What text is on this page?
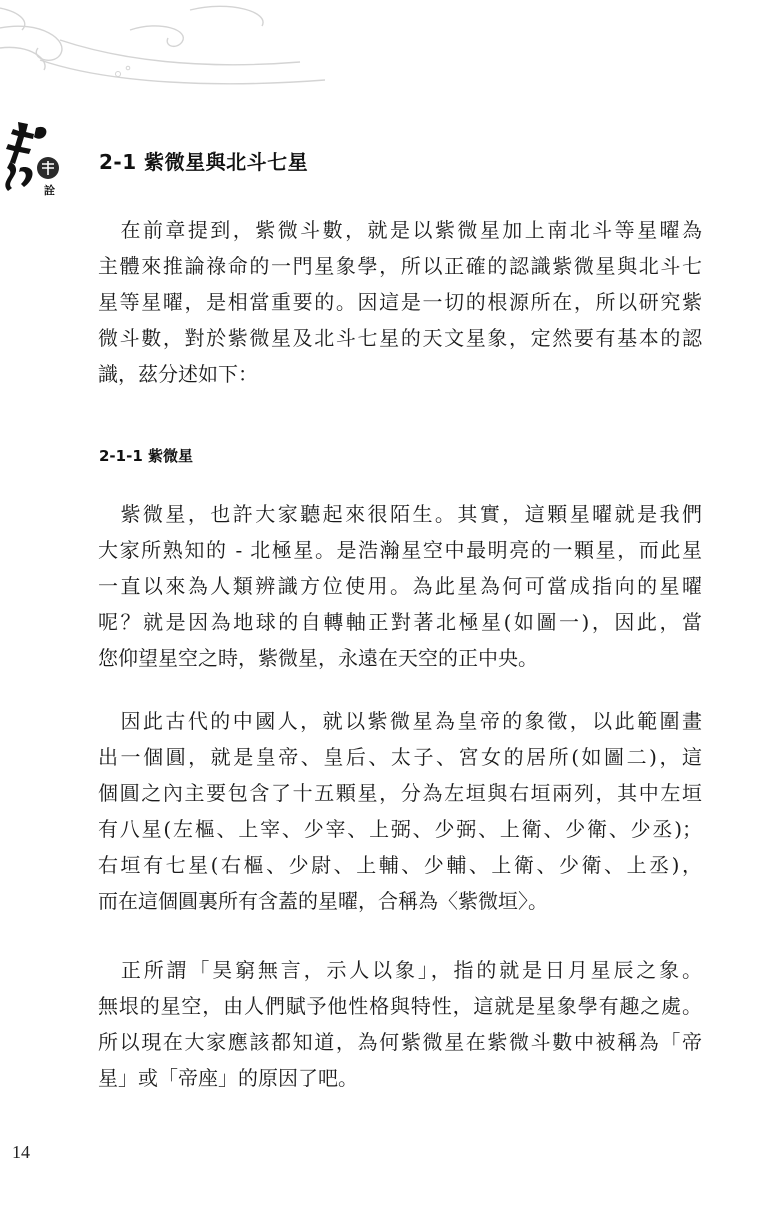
詮
2-1 紫微星與北斗七星
　在前章提到，紫微斗數，就是以紫微星加上南北斗等星曜為
主體來推論祿命的一門星象學，所以正確的認識紫微星與北斗七
星等星曜，是相當重要的。因這是一切的根源所在，所以研究紫
微斗數，對於紫微星及北斗七星的天文星象，定然要有基本的認
識，茲分述如下：
2-1-1 紫微星
　紫微星，也許大家聽起來很陌生。其實，這顆星曜就是我們
大家所熟知的 - 北極星。是浩瀚星空中最明亮的一顆星，而此星
一直以來為人類辨識方位使用。為此星為何可當成指向的星曜
呢？就是因為地球的自轉軸正對著北極星(如圖一)，因此，當
您仰望星空之時，紫微星，永遠在天空的正中央。
　因此古代的中國人，就以紫微星為皇帝的象徵，以此範圍畫
出一個圓，就是皇帝、皇后、太子、宮女的居所(如圖二)，這
個圓之內主要包含了十五顆星，分為左垣與右垣兩列，其中左垣
有八星(左樞、上宰、少宰、上弼、少弼、上衛、少衛、少丞)；
右垣有七星(右樞、少尉、上輔、少輔、上衛、少衛、上丞)，
而在這個圓裏所有含蓋的星曜，合稱為〈紫微垣〉。
　正所謂「昊窮無言，示人以象」，指的就是日月星辰之象。
無垠的星空，由人們賦予他性格與特性，這就是星象學有趣之處。
所以現在大家應該都知道，為何紫微星在紫微斗數中被稱為「帝
星」或「帝座」的原因了吧。
14
